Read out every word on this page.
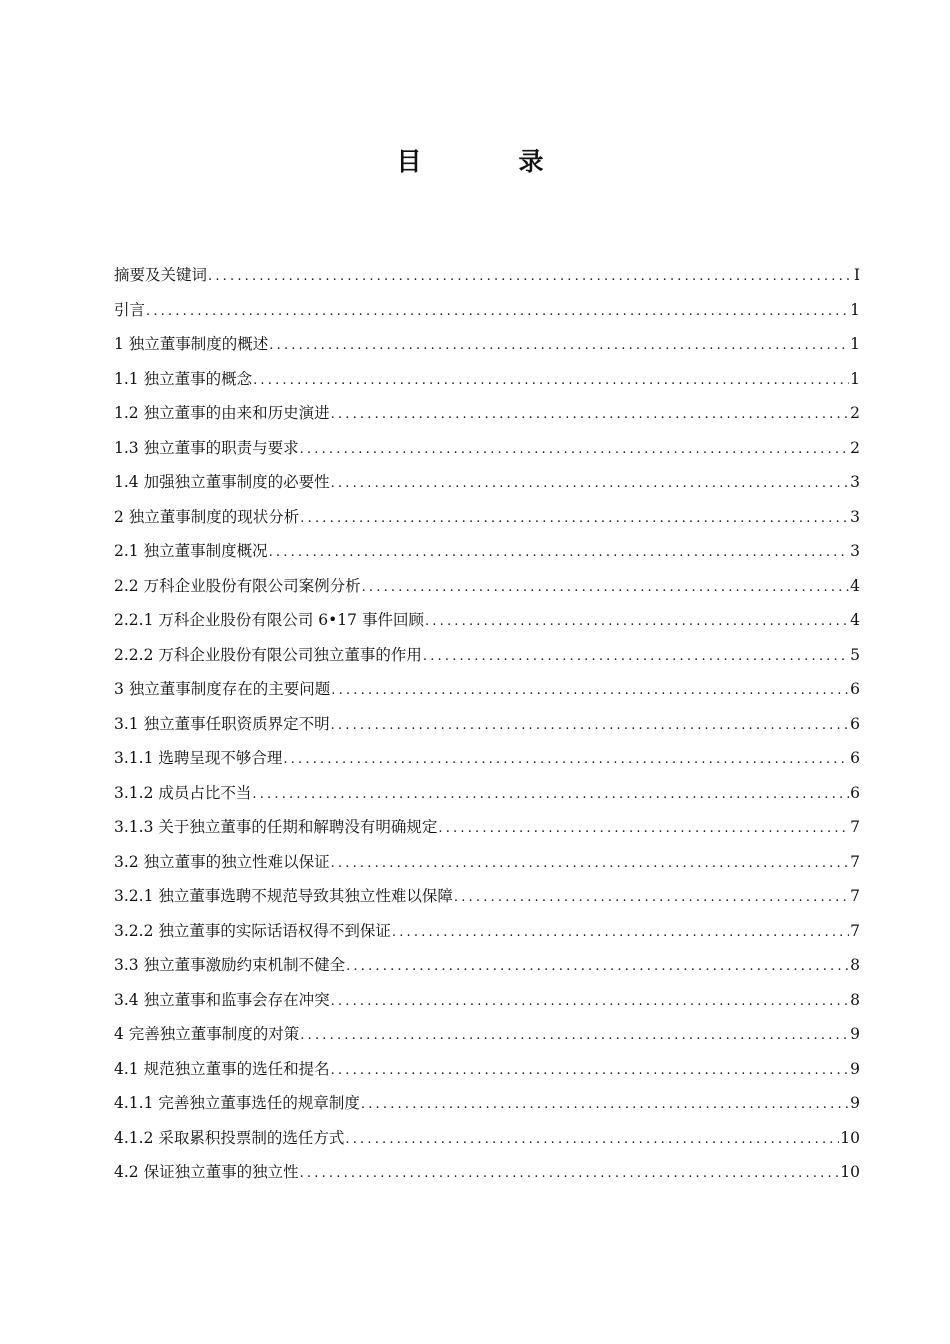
目　录
摘要及关键词 .....	I
引言 .....	1
1 独立董事制度的概述 .....	1
1.1 独立董事的概念 .....	1
1.2 独立董事的由来和历史演进 .....	2
1.3 独立董事的职责与要求 .....	2
1.4 加强独立董事制度的必要性 .....	3
2 独立董事制度的现状分析 .....	3
2.1 独立董事制度概况 .....	3
2.2 万科企业股份有限公司案例分析 .....	4
2.2.1 万科企业股份有限公司 6•17 事件回顾 .....	4
2.2.2 万科企业股份有限公司独立董事的作用 .....	5
3 独立董事制度存在的主要问题 .....	6
3.1 独立董事任职资质界定不明 .....	6
3.1.1 选聘呈现不够合理 .....	6
3.1.2 成员占比不当 .....	6
3.1.3 关于独立董事的任期和解聘没有明确规定 .....	7
3.2 独立董事的独立性难以保证 .....	7
3.2.1 独立董事选聘不规范导致其独立性难以保障 .....	7
3.2.2 独立董事的实际话语权得不到保证 .....	7
3.3 独立董事激励约束机制不健全 .....	8
3.4 独立董事和监事会存在冲突 .....	8
4 完善独立董事制度的对策 .....	9
4.1 规范独立董事的选任和提名 .....	9
4.1.1 完善独立董事选任的规章制度 .....	9
4.1.2 采取累积投票制的选任方式 .....	10
4.2 保证独立董事的独立性 .....	10
